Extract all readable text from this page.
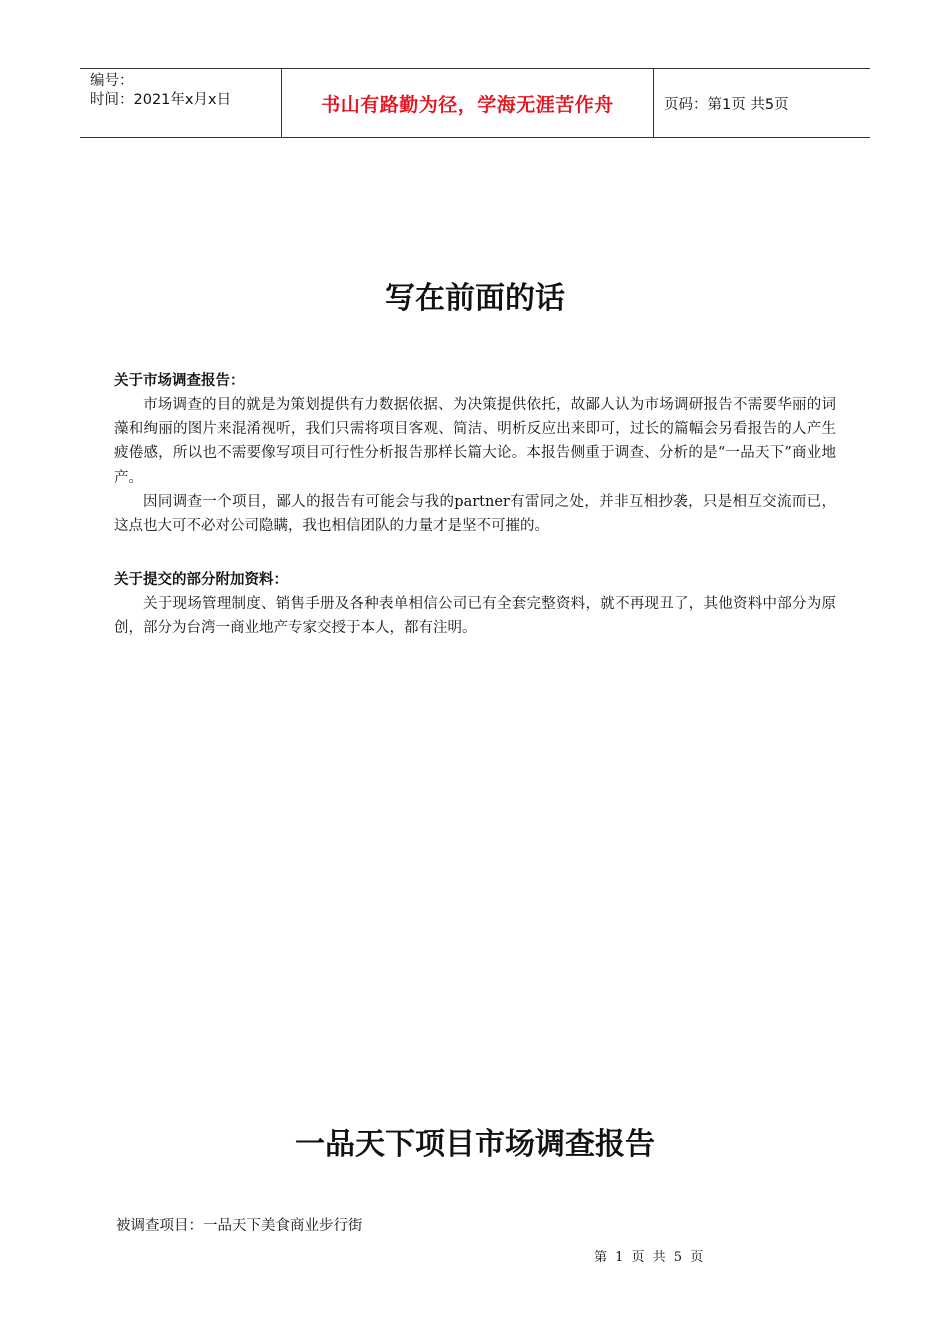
编号：
时间：2021年x月x日	书山有路勤为径，学海无涯苦作舟	页码：第1页 共5页
写在前面的话
关于市场调查报告：

市场调查的目的就是为策划提供有力数据依据、为决策提供依托，故鄙人认为市场调研报告不需要华丽的词藻和绚丽的图片来混淆视听，我们只需将项目客观、简洁、明析反应出来即可，过长的篇幅会另看报告的人产生疲倦感，所以也不需要像写项目可行性分析报告那样长篇大论。本报告侧重于调查、分析的是“一品天下”商业地产。

因同调查一个项目，鄙人的报告有可能会与我的partner有雷同之处，并非互相抄袭，只是相互交流而已，这点也大可不必对公司隐瞒，我也相信团队的力量才是坚不可摧的。

关于提交的部分附加资料：

关于现场管理制度、销售手册及各种表单相信公司已有全套完整资料，就不再现丑了，其他资料中部分为原创，部分为台湾一商业地产专家交授于本人，都有注明。

一品天下项目市场调查报告
被调查项目：一品天下美食商业步行街
第 1 页 共 5 页
